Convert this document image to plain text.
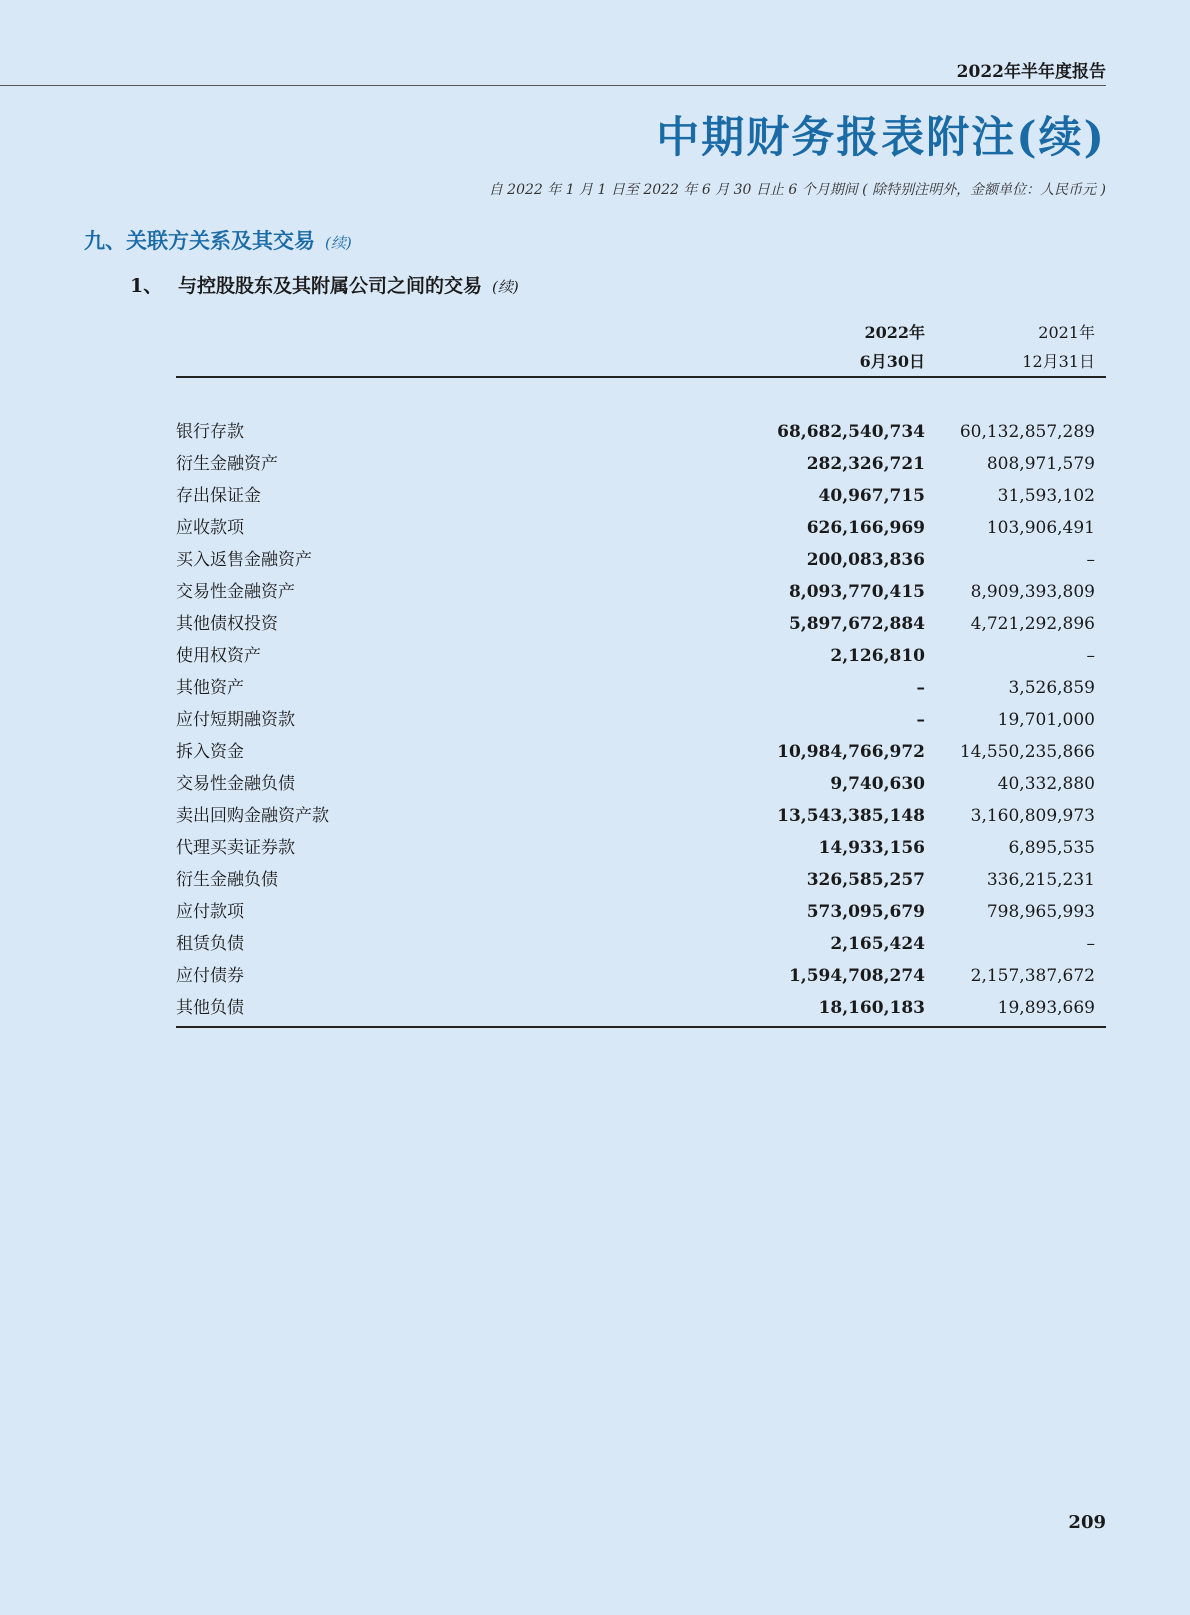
2022年半年度报告
中期财务报表附注(续)
自 2022 年 1 月 1 日至 2022 年 6 月 30 日止 6 个月期间 ( 除特别注明外，金额单位：人民币元 )
九、关联方关系及其交易 (续)
1、 与控股股东及其附属公司之间的交易 (续)
2022年
6月30日
2021年
12月31日
银行存款	68,682,540,734 60,132,857,289
衍生金融资产	282,326,721	808,971,579
存出保证金	40,967,715	31,593,102
应收款项	626,166,969	103,906,491
买入返售金融资产	200,083,836	–
交易性金融资产	8,093,770,415	8,909,393,809
其他债权投资	5,897,672,884	4,721,292,896
使用权资产	2,126,810	–
其他资产	–	3,526,859
应付短期融资款	–	19,701,000
拆入资金	10,984,766,972 14,550,235,866
交易性金融负债	9,740,630	40,332,880
卖出回购金融资产款	13,543,385,148	3,160,809,973
代理买卖证券款	14,933,156	6,895,535
衍生金融负债	326,585,257	336,215,231
应付款项	573,095,679	798,965,993
租赁负债	2,165,424	–
应付债券	1,594,708,274	2,157,387,672
其他负债	18,160,183	19,893,669
209
